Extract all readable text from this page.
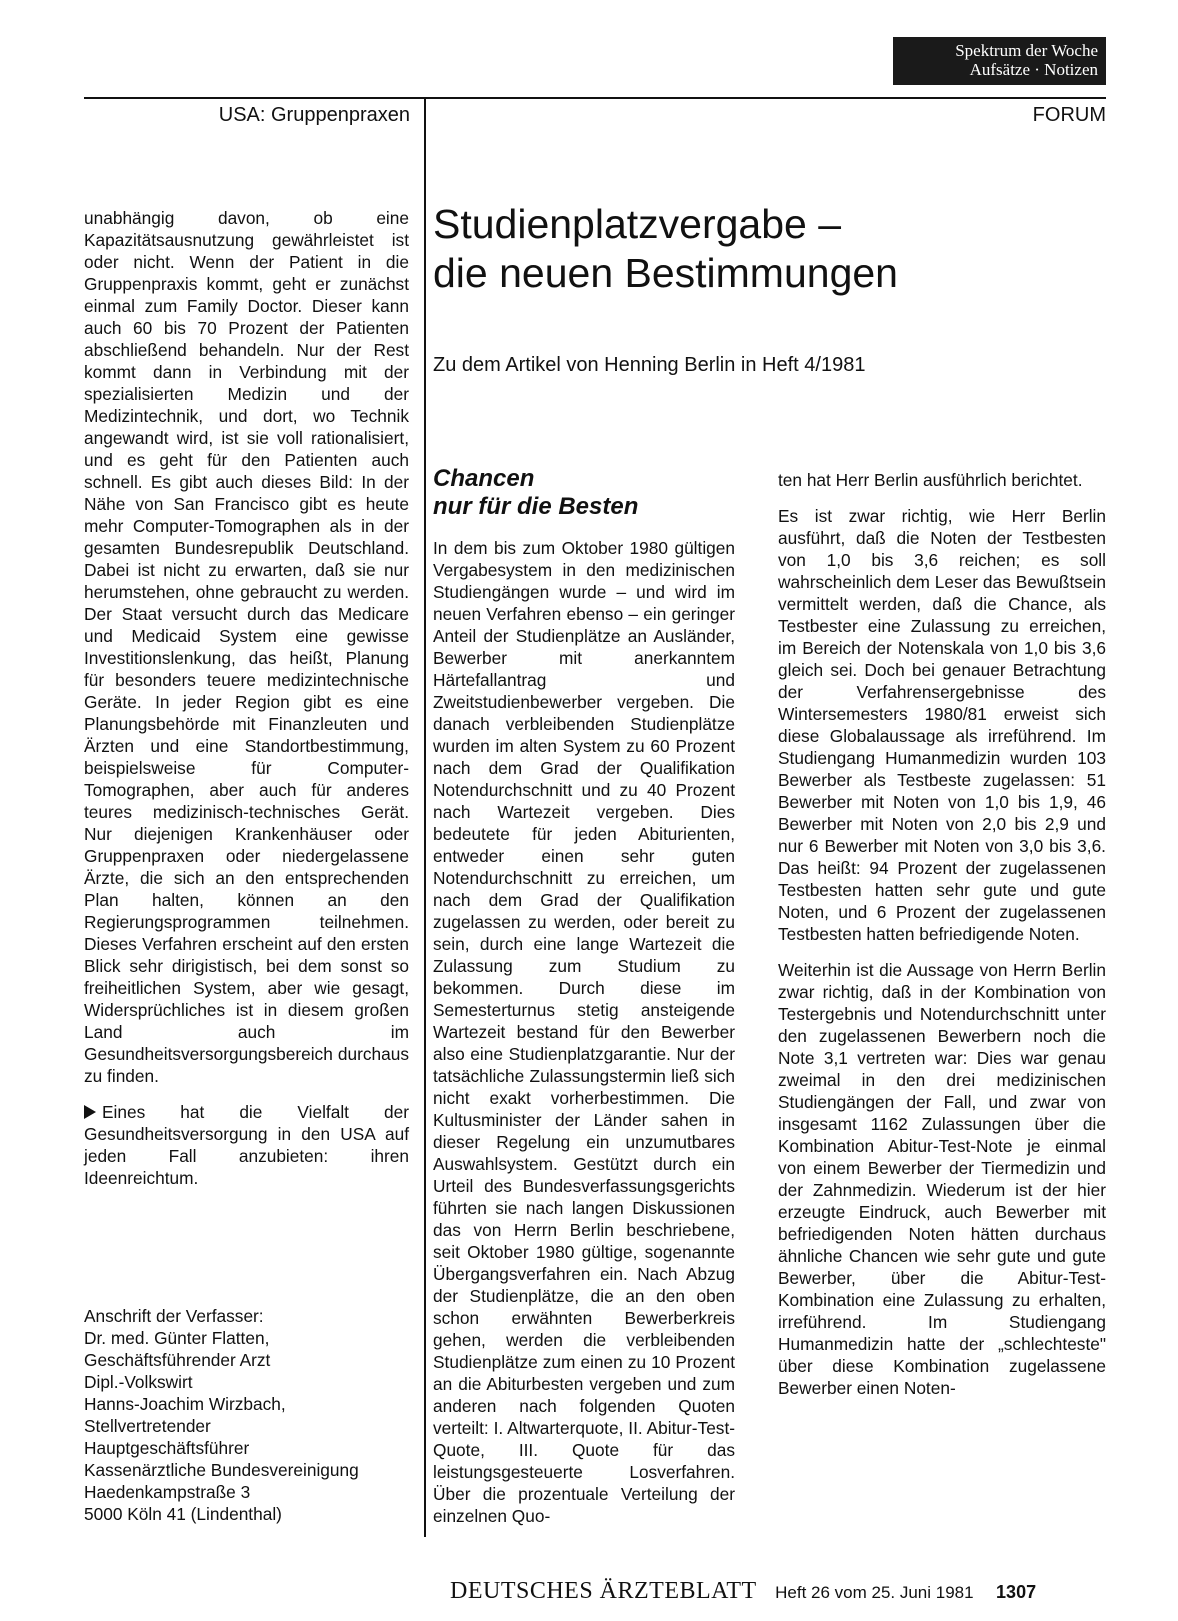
Spektrum der Woche
Aufsätze · Notizen
USA: Gruppenpraxen	FORUM

unabhängig davon, ob eine Kapazitätsausnutzung gewährleistet ist oder nicht. Wenn der Patient in die Gruppenpraxis kommt, geht er zunächst einmal zum Family Doctor. Dieser kann auch 60 bis 70 Prozent der Patienten abschließend behandeln. Nur der Rest kommt dann in Verbindung mit der spezialisierten Medizin und der Medizintechnik, und dort, wo Technik angewandt wird, ist sie voll rationalisiert, und es geht für den Patienten auch schnell. Es gibt auch dieses Bild: In der Nähe von San Francisco gibt es heute mehr Computer-Tomographen als in der gesamten Bundesrepublik Deutschland. Dabei ist nicht zu erwarten, daß sie nur herumstehen, ohne gebraucht zu werden. Der Staat versucht durch das Medicare und Medicaid System eine gewisse Investitionslenkung, das heißt, Planung für besonders teuere medizintechnische Geräte. In jeder Region gibt es eine Planungsbehörde mit Finanzleuten und Ärzten und eine Standortbestimmung, beispielsweise für Computer-Tomographen, aber auch für anderes teures medizinisch-technisches Gerät. Nur diejenigen Krankenhäuser oder Gruppenpraxen oder niedergelassene Ärzte, die sich an den entsprechenden Plan halten, können an den Regierungsprogrammen teilnehmen. Dieses Verfahren erscheint auf den ersten Blick sehr dirigistisch, bei dem sonst so freiheitlichen System, aber wie gesagt, Widersprüchliches ist in diesem großen Land auch im Gesundheitsversorgungsbereich durchaus zu finden.

Eines hat die Vielfalt der Gesundheitsversorgung in den USA auf jeden Fall anzubieten: ihren Ideenreichtum.

Anschrift der Verfasser:
Dr. med. Günter Flatten,
Geschäftsführender Arzt
Dipl.-Volkswirt
Hanns-Joachim Wirzbach,
Stellvertretender
Hauptgeschäftsführer
Kassenärztliche Bundesvereinigung
Haedenkampstraße 3
5000 Köln 41 (Lindenthal)
Studienplatzvergabe –
die neuen Bestimmungen
Zu dem Artikel von Henning Berlin in Heft 4/1981
Chancen
nur für die Besten

In dem bis zum Oktober 1980 gültigen Vergabesystem in den medizinischen Studiengängen wurde – und wird im neuen Verfahren ebenso – ein geringer Anteil der Studienplätze an Ausländer, Bewerber mit anerkanntem Härtefallantrag und Zweitstudienbewerber vergeben. Die danach verbleibenden Studienplätze wurden im alten System zu 60 Prozent nach dem Grad der Qualifikation Notendurchschnitt und zu 40 Prozent nach Wartezeit vergeben. Dies bedeutete für jeden Abiturienten, entweder einen sehr guten Notendurchschnitt zu erreichen, um nach dem Grad der Qualifikation zugelassen zu werden, oder bereit zu sein, durch eine lange Wartezeit die Zulassung zum Studium zu bekommen. Durch diese im Semesterturnus stetig ansteigende Wartezeit bestand für den Bewerber also eine Studienplatzgarantie. Nur der tatsächliche Zulassungstermin ließ sich nicht exakt vorherbestimmen. Die Kultusminister der Länder sahen in dieser Regelung ein unzumutbares Auswahlsystem. Gestützt durch ein Urteil des Bundesverfassungsgerichts führten sie nach langen Diskussionen das von Herrn Berlin beschriebene, seit Oktober 1980 gültige, sogenannte Übergangsverfahren ein. Nach Abzug der Studienplätze, die an den oben schon erwähnten Bewerberkreis gehen, werden die verbleibenden Studienplätze zum einen zu 10 Prozent an die Abiturbesten vergeben und zum anderen nach folgenden Quoten verteilt: I. Altwarterquote, II. Abitur-Test-Quote, III. Quote für das leistungsgesteuerte Losverfahren. Über die prozentuale Verteilung der einzelnen Quo-

ten hat Herr Berlin ausführlich berichtet.

Es ist zwar richtig, wie Herr Berlin ausführt, daß die Noten der Testbesten von 1,0 bis 3,6 reichen; es soll wahrscheinlich dem Leser das Bewußtsein vermittelt werden, daß die Chance, als Testbester eine Zulassung zu erreichen, im Bereich der Notenskala von 1,0 bis 3,6 gleich sei. Doch bei genauer Betrachtung der Verfahrensergebnisse des Wintersemesters 1980/81 erweist sich diese Globalaussage als irreführend. Im Studiengang Humanmedizin wurden 103 Bewerber als Testbeste zugelassen: 51 Bewerber mit Noten von 1,0 bis 1,9, 46 Bewerber mit Noten von 2,0 bis 2,9 und nur 6 Bewerber mit Noten von 3,0 bis 3,6. Das heißt: 94 Prozent der zugelassenen Testbesten hatten sehr gute und gute Noten, und 6 Prozent der zugelassenen Testbesten hatten befriedigende Noten.

Weiterhin ist die Aussage von Herrn Berlin zwar richtig, daß in der Kombination von Testergebnis und Notendurchschnitt unter den zugelassenen Bewerbern noch die Note 3,1 vertreten war: Dies war genau zweimal in den drei medizinischen Studiengängen der Fall, und zwar von insgesamt 1162 Zulassungen über die Kombination Abitur-Test-Note je einmal von einem Bewerber der Tiermedizin und der Zahnmedizin. Wiederum ist der hier erzeugte Eindruck, auch Bewerber mit befriedigenden Noten hätten durchaus ähnliche Chancen wie sehr gute und gute Bewerber, über die Abitur-Test-Kombination eine Zulassung zu erhalten, irreführend. Im Studiengang Humanmedizin hatte der „schlechteste" über diese Kombination zugelassene Bewerber einen Noten-

DEUTSCHES ÄRZTEBLATT Heft 26 vom 25. Juni 1981 1307
